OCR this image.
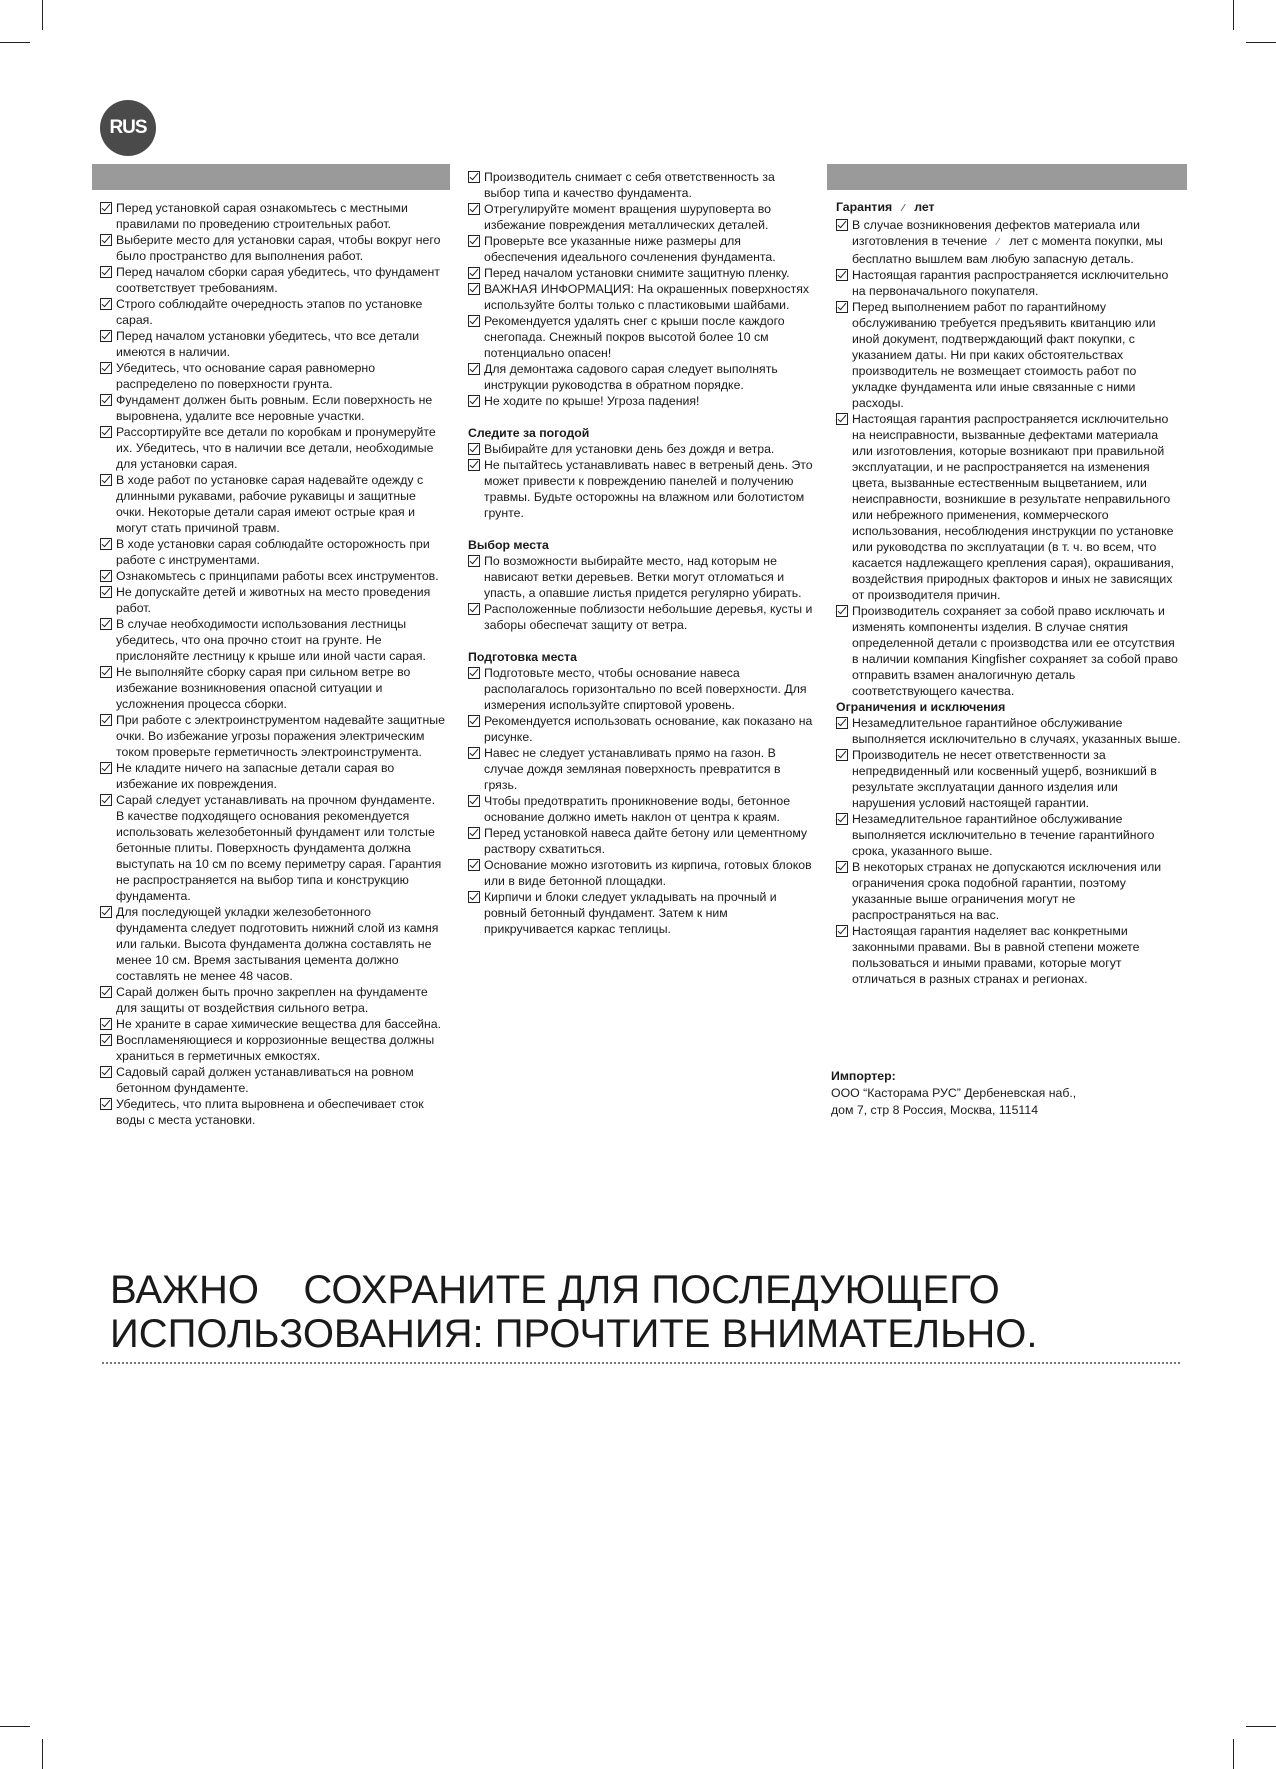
RUS
Перед установкой сарая ознакомьтесь с местными правилами по проведению строительных работ.
Выберите место для установки сарая, чтобы вокруг него было пространство для выполнения работ.
Перед началом сборки сарая убедитесь, что фундамент соответствует требованиям.
Строго соблюдайте очередность этапов по установке сарая.
Перед началом установки убедитесь, что все детали имеются в наличии.
Убедитесь, что основание сарая равномерно распределено по поверхности грунта.
Фундамент должен быть ровным. Если поверхность не выровнена, удалите все неровные участки.
Рассортируйте все детали по коробкам и пронумеруйте их. Убедитесь, что в наличии все детали, необходимые для установки сарая.
В ходе работ по установке сарая надевайте одежду с длинными рукавами, рабочие рукавицы и защитные очки. Некоторые детали сарая имеют острые края и могут стать причиной травм.
В ходе установки сарая соблюдайте осторожность при работе с инструментами.
Ознакомьтесь с принципами работы всех инструментов.
Не допускайте детей и животных на место проведения работ.
В случае необходимости использования лестницы убедитесь, что она прочно стоит на грунте. Не прислоняйте лестницу к крыше или иной части сарая.
Не выполняйте сборку сарая при сильном ветре во избежание возникновения опасной ситуации и усложнения процесса сборки.
При работе с электроинструментом надевайте защитные очки. Во избежание угрозы поражения электрическим током проверьте герметичность электроинструмента.
Не кладите ничего на запасные детали сарая во избежание их повреждения.
Сарай следует устанавливать на прочном фундаменте. В качестве подходящего основания рекомендуется использовать железобетонный фундамент или толстые бетонные плиты. Поверхность фундамента должна выступать на 10 см по всему периметру сарая. Гарантия не распространяется на выбор типа и конструкцию фундамента.
Для последующей укладки железобетонного фундамента следует подготовить нижний слой из камня или гальки. Высота фундамента должна составлять не менее 10 см. Время застывания цемента должно составлять не менее 48 часов.
Сарай должен быть прочно закреплен на фундаменте для защиты от воздействия сильного ветра.
Не храните в сарае химические вещества для бассейна.
Воспламеняющиеся и коррозионные вещества должны храниться в герметичных емкостях.
Садовый сарай должен устанавливаться на ровном бетонном фундаменте.
Убедитесь, что плита выровнена и обеспечивает сток воды с места установки.
Производитель снимает с себя ответственность за выбор типа и качество фундамента.
Отрегулируйте момент вращения шуруповерта во избежание повреждения металлических деталей.
Проверьте все указанные ниже размеры для обеспечения идеального сочленения фундамента.
Перед началом установки снимите защитную пленку.
ВАЖНАЯ ИНФОРМАЦИЯ: На окрашенных поверхностях используйте болты только с пластиковыми шайбами.
Рекомендуется удалять снег с крыши после каждого снегопада. Снежный покров высотой более 10 см потенциально опасен!
Для демонтажа садового сарая следует выполнять инструкции руководства в обратном порядке.
Не ходите по крыше! Угроза падения!
Следите за погодой
Выбирайте для установки день без дождя и ветра.
Не пытайтесь устанавливать навес в ветреный день. Это может привести к повреждению панелей и получению травмы. Будьте осторожны на влажном или болотистом грунте.
Выбор места
По возможности выбирайте место, над которым не нависают ветки деревьев. Ветки могут отломаться и упасть, а опавшие листья придется регулярно убирать.
Расположенные поблизости небольшие деревья, кусты и заборы обеспечат защиту от ветра.
Подготовка места
Подготовьте место, чтобы основание навеса располагалось горизонтально по всей поверхности. Для измерения используйте спиртовой уровень.
Рекомендуется использовать основание, как показано на рисунке.
Навес не следует устанавливать прямо на газон. В случае дождя земляная поверхность превратится в грязь.
Чтобы предотвратить проникновение воды, бетонное основание должно иметь наклон от центра к краям.
Перед установкой навеса дайте бетону или цементному раствору схватиться.
Основание можно изготовить из кирпича, готовых блоков или в виде бетонной площадки.
Кирпичи и блоки следует укладывать на прочный и ровный бетонный фундамент. Затем к ним прикручивается каркас теплицы.
Гарантия ⁄ лет
В случае возникновения дефектов материала или изготовления в течение ⁄ лет с момента покупки, мы бесплатно вышлем вам любую запасную деталь.
Настоящая гарантия распространяется исключительно на первоначального покупателя.
Перед выполнением работ по гарантийному обслуживанию требуется предъявить квитанцию или иной документ, подтверждающий факт покупки, с указанием даты. Ни при каких обстоятельствах производитель не возмещает стоимость работ по укладке фундамента или иные связанные с ними расходы.
Настоящая гарантия распространяется исключительно на неисправности, вызванные дефектами материала или изготовления, которые возникают при правильной эксплуатации, и не распространяется на изменения цвета, вызванные естественным выцветанием, или неисправности, возникшие в результате неправильного или небрежного применения, коммерческого использования, несоблюдения инструкции по установке или руководства по эксплуатации (в т. ч. во всем, что касается надлежащего крепления сарая), окрашивания, воздействия природных факторов и иных не зависящих от производителя причин.
Производитель сохраняет за собой право исключать и изменять компоненты изделия. В случае снятия определенной детали с производства или ее отсутствия в наличии компания Kingfisher сохраняет за собой право отправить взамен аналогичную деталь соответствующего качества.
Ограничения и исключения
Незамедлительное гарантийное обслуживание выполняется исключительно в случаях, указанных выше.
Производитель не несет ответственности за непредвиденный или косвенный ущерб, возникший в результате эксплуатации данного изделия или нарушения условий настоящей гарантии.
Незамедлительное гарантийное обслуживание выполняется исключительно в течение гарантийного срока, указанного выше.
В некоторых странах не допускаются исключения или ограничения срока подобной гарантии, поэтому указанные выше ограничения могут не распространяться на вас.
Настоящая гарантия наделяет вас конкретными законными правами. Вы в равной степени можете пользоваться и иными правами, которые могут отличаться в разных странах и регионах.
Импортер:
ООО “Касторама РУС” Дербеневская наб.,
дом 7, стр 8 Россия, Москва, 115114
ВАЖНО    СОХРАНИТЕ ДЛЯ ПОСЛЕДУЮЩЕГО
ИСПОЛЬЗОВАНИЯ: ПРОЧТИТЕ ВНИМАТЕЛЬНО.
